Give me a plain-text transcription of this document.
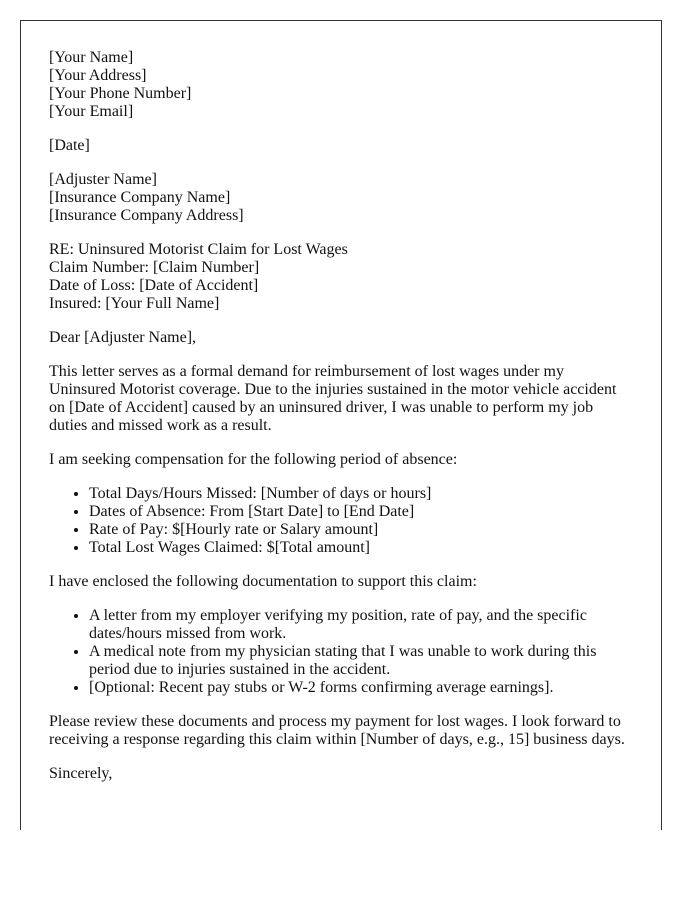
[Your Name]
[Your Address]
[Your Phone Number]
[Your Email]

[Date]

[Adjuster Name]
[Insurance Company Name]
[Insurance Company Address]

RE: Uninsured Motorist Claim for Lost Wages
Claim Number: [Claim Number]
Date of Loss: [Date of Accident]
Insured: [Your Full Name]

Dear [Adjuster Name],

This letter serves as a formal demand for reimbursement of lost wages under my Uninsured Motorist coverage. Due to the injuries sustained in the motor vehicle accident on [Date of Accident] caused by an uninsured driver, I was unable to perform my job duties and missed work as a result.

I am seeking compensation for the following period of absence:

• Total Days/Hours Missed: [Number of days or hours]
• Dates of Absence: From [Start Date] to [End Date]
• Rate of Pay: $[Hourly rate or Salary amount]
• Total Lost Wages Claimed: $[Total amount]

I have enclosed the following documentation to support this claim:

• A letter from my employer verifying my position, rate of pay, and the specific dates/hours missed from work.
• A medical note from my physician stating that I was unable to work during this period due to injuries sustained in the accident.
• [Optional: Recent pay stubs or W-2 forms confirming average earnings].

Please review these documents and process my payment for lost wages. I look forward to receiving a response regarding this claim within [Number of days, e.g., 15] business days.

Sincerely,
